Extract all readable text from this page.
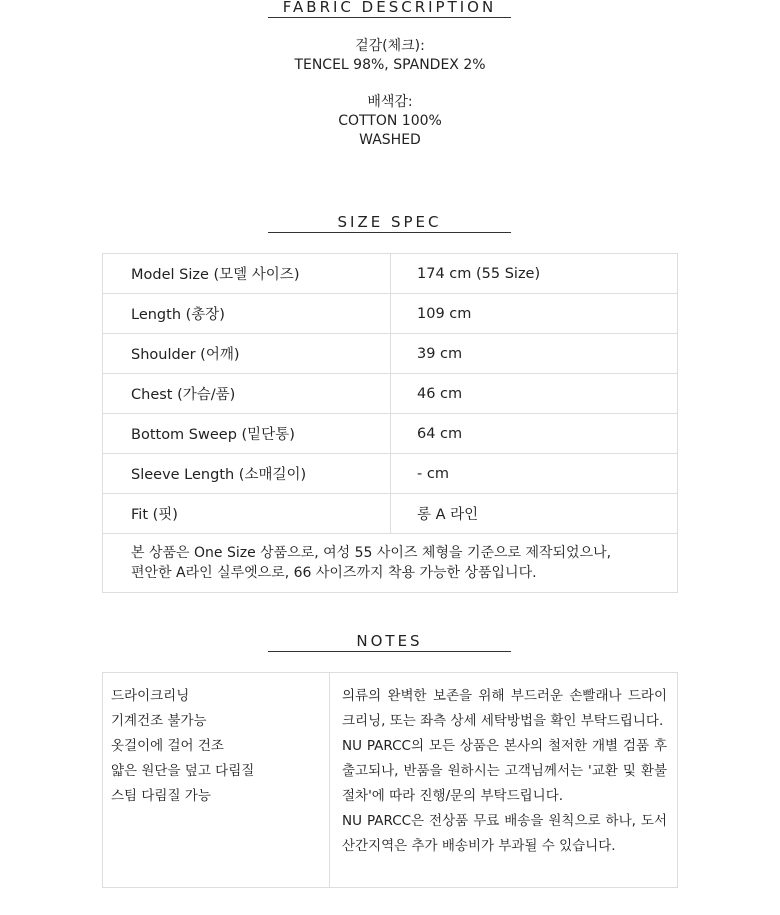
FABRIC DESCRIPTION
겉감(체크):
TENCEL 98%, SPANDEX 2%
배색감:
COTTON 100%
WASHED
SIZE SPEC
Model Size (모델 사이즈)	174 cm (55 Size)
Length (총장)	109 cm
Shoulder (어깨)	39 cm
Chest (가슴/품)	46 cm
Bottom Sweep (밑단통)	64 cm
Sleeve Length (소매길이)	- cm
Fit (핏)	롱 A 라인

본 상품은 One Size 상품으로, 여성 55 사이즈 체형을 기준으로 제작되었으나,
편안한 A라인 실루엣으로, 66 사이즈까지 착용 가능한 상품입니다.	
NOTES
드라이크리닝
기계건조 불가능
옷걸이에 걸어 건조
얇은 원단을 덮고 다림질
스팀 다림질 가능

의류의 완벽한 보존을 위해 부드러운 손빨래나 드라이크리닝, 또는 좌측 상세 세탁방법을 확인 부탁드립니다.

NU PARCC의 모든 상품은 본사의 철저한 개별 검품 후 출고되나, 반품을 원하시는 고객님께서는 '교환 및 환불 절차'에 따라 진행/문의 부탁드립니다.

NU PARCC은 전상품 무료 배송을 원칙으로 하나, 도서산간지역은 추가 배송비가 부과될 수 있습니다.
